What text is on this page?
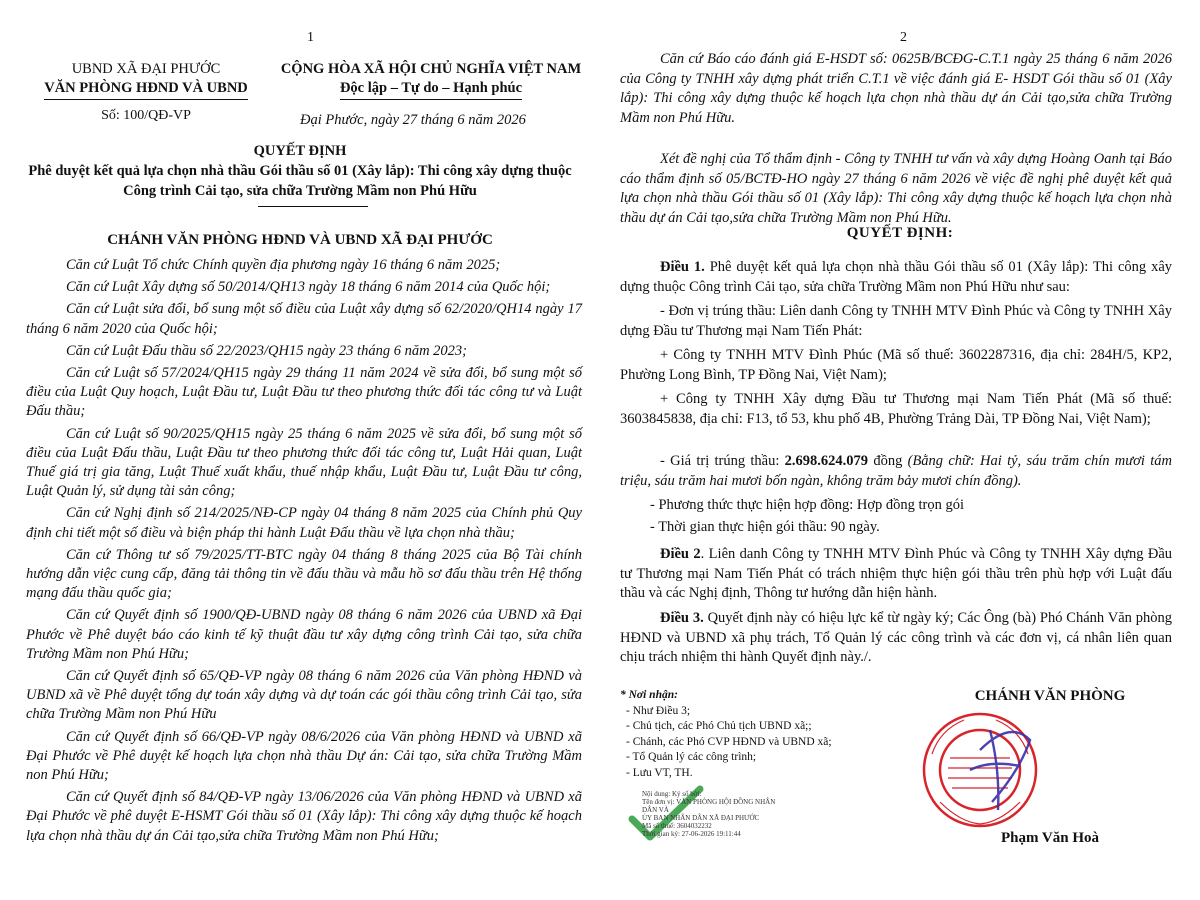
1
UBND XÃ ĐẠI PHƯỚC
VĂN PHÒNG HĐND VÀ UBND
Số: 100/QĐ-VP
CỘNG HÒA XÃ HỘI CHỦ NGHĨA VIỆT NAM
Độc lập – Tự do – Hạnh phúc
Đại Phước, ngày 27 tháng 6 năm 2026
QUYẾT ĐỊNH
Phê duyệt kết quả lựa chọn nhà thầu Gói thầu số 01 (Xây lắp): Thi công xây dựng thuộc Công trình Cải tạo, sửa chữa Trường Mầm non Phú Hữu
CHÁNH VĂN PHÒNG HĐND VÀ UBND XÃ ĐẠI PHƯỚC

Căn cứ Luật Tổ chức Chính quyền địa phương ngày 16 tháng 6 năm 2025;

Căn cứ Luật Xây dựng số 50/2014/QH13 ngày 18 tháng 6 năm 2014 của Quốc hội;

Căn cứ Luật sửa đổi, bổ sung một số điều của Luật xây dựng số 62/2020/QH14 ngày 17 tháng 6 năm 2020 của Quốc hội;

Căn cứ Luật Đấu thầu số 22/2023/QH15 ngày 23 tháng 6 năm 2023;

Căn cứ Luật số 57/2024/QH15 ngày 29 tháng 11 năm 2024 về sửa đổi, bổ sung một số điều của Luật Quy hoạch, Luật Đầu tư, Luật Đầu tư theo phương thức đối tác công tư và Luật Đấu thầu;

Căn cứ Luật số 90/2025/QH15 ngày 25 tháng 6 năm 2025 về sửa đổi, bổ sung một số điều của Luật Đấu thầu, Luật Đầu tư theo phương thức đối tác công tư, Luật Hải quan, Luật Thuế giá trị gia tăng, Luật Thuế xuất khẩu, thuế nhập khẩu, Luật Đầu tư, Luật Đầu tư công, Luật Quản lý, sử dụng tài sản công;

Căn cứ Nghị định số 214/2025/NĐ-CP ngày 04 tháng 8 năm 2025 của Chính phủ Quy định chi tiết một số điều và biện pháp thi hành Luật Đấu thầu về lựa chọn nhà thầu;

Căn cứ Thông tư số 79/2025/TT-BTC ngày 04 tháng 8 tháng 2025 của Bộ Tài chính hướng dẫn việc cung cấp, đăng tải thông tin về đấu thầu và mẫu hồ sơ đấu thầu trên Hệ thống mạng đấu thầu quốc gia;

Căn cứ Quyết định số 1900/QĐ-UBND ngày 08 tháng 6 năm 2026 của UBND xã Đại Phước về Phê duyệt báo cáo kinh tế kỹ thuật đầu tư xây dựng công trình Cải tạo, sửa chữa Trường Mầm non Phú Hữu;

Căn cứ Quyết định số 65/QĐ-VP ngày 08 tháng 6 năm 2026 của Văn phòng HĐND và UBND xã về Phê duyệt tổng dự toán xây dựng và dự toán các gói thầu công trình Cải tạo, sửa chữa Trường Mầm non Phú Hữu

Căn cứ Quyết định số 66/QĐ-VP ngày 08/6/2026 của Văn phòng HĐND và UBND xã Đại Phước về Phê duyệt kế hoạch lựa chọn nhà thầu Dự án: Cải tạo, sửa chữa Trường Mầm non Phú Hữu;

Căn cứ Quyết định số 84/QĐ-VP ngày 13/06/2026 của Văn phòng HĐND và UBND xã Đại Phước về phê duyệt E-HSMT Gói thầu số 01 (Xây lắp): Thi công xây dựng thuộc kế hoạch lựa chọn nhà thầu dự án Cải tạo,sửa chữa Trường Mầm non Phú Hữu;

2
Căn cứ Báo cáo đánh giá E-HSDT số: 0625B/BCĐG-C.T.1 ngày 25 tháng 6 năm 2026 của Công ty TNHH xây dựng phát triển C.T.1 về việc đánh giá E- HSDT Gói thầu số 01 (Xây lắp): Thi công xây dựng thuộc kế hoạch lựa chọn nhà thầu dự án Cải tạo,sửa chữa Trường Mầm non Phú Hữu.
Xét đề nghị của Tổ thẩm định - Công ty TNHH tư vấn và xây dựng Hoàng Oanh tại Báo cáo thẩm định số 05/BCTĐ-HO ngày 27 tháng 6 năm 2026 về việc đề nghị phê duyệt kết quả lựa chọn nhà thầu Gói thầu số 01 (Xây lắp): Thi công xây dựng thuộc kế hoạch lựa chọn nhà thầu dự án Cải tạo,sửa chữa Trường Mầm non Phú Hữu.
QUYẾT ĐỊNH:

Điều 1. Phê duyệt kết quả lựa chọn nhà thầu Gói thầu số 01 (Xây lắp): Thi công xây dựng thuộc Công trình Cải tạo, sửa chữa Trường Mầm non Phú Hữu như sau:

- Đơn vị trúng thầu: Liên danh Công ty TNHH MTV Đình Phúc và Công ty TNHH Xây dựng Đầu tư Thương mại Nam Tiến Phát:
+ Công ty TNHH MTV Đình Phúc (Mã số thuế: 3602287316, địa chỉ: 284H/5, KP2, Phường Long Bình, TP Đồng Nai, Việt Nam);
+ Công ty TNHH Xây dựng Đầu tư Thương mại Nam Tiến Phát (Mã số thuế: 3603845838, địa chỉ: F13, tổ 53, khu phố 4B, Phường Trảng Dài, TP Đồng Nai, Việt Nam);

- Giá trị trúng thầu: 2.698.624.079 đồng (Bằng chữ: Hai tỷ, sáu trăm chín mươi tám triệu, sáu trăm hai mươi bốn ngàn, không trăm bảy mươi chín đồng).

- Phương thức thực hiện hợp đồng: Hợp đồng trọn gói
- Thời gian thực hiện gói thầu: 90 ngày.

Điều 2. Liên danh Công ty TNHH MTV Đình Phúc và Công ty TNHH Xây dựng Đầu tư Thương mại Nam Tiến Phát có trách nhiệm thực hiện gói thầu trên phù hợp với Luật đấu thầu và các Nghị định, Thông tư hướng dẫn hiện hành.

Điều 3. Quyết định này có hiệu lực kể từ ngày ký; Các Ông (bà) Phó Chánh Văn phòng HĐND và UBND xã phụ trách, Tổ Quản lý các công trình và các đơn vị, cá nhân liên quan chịu trách nhiệm thi hành Quyết định này./.

* Nơi nhận:
- Như Điều 3;
- Chủ tịch, các Phó Chủ tịch UBND xã;;
- Chánh, các Phó CVP HĐND và UBND xã;
- Tổ Quản lý các công trình;
- Lưu VT, TH.
Nội dung: Ký số bởi:
Tên đơn vị: VĂN PHÒNG HỘI ĐỒNG NHÂN DÂN VÀ
ỦY BAN NHÂN DÂN XÃ ĐẠI PHƯỚC
Mã số thuế: 3604032232
Thời gian ký: 27-06-2026 19:11:44
CHÁNH VĂN PHÒNG
Phạm Văn Hoà
